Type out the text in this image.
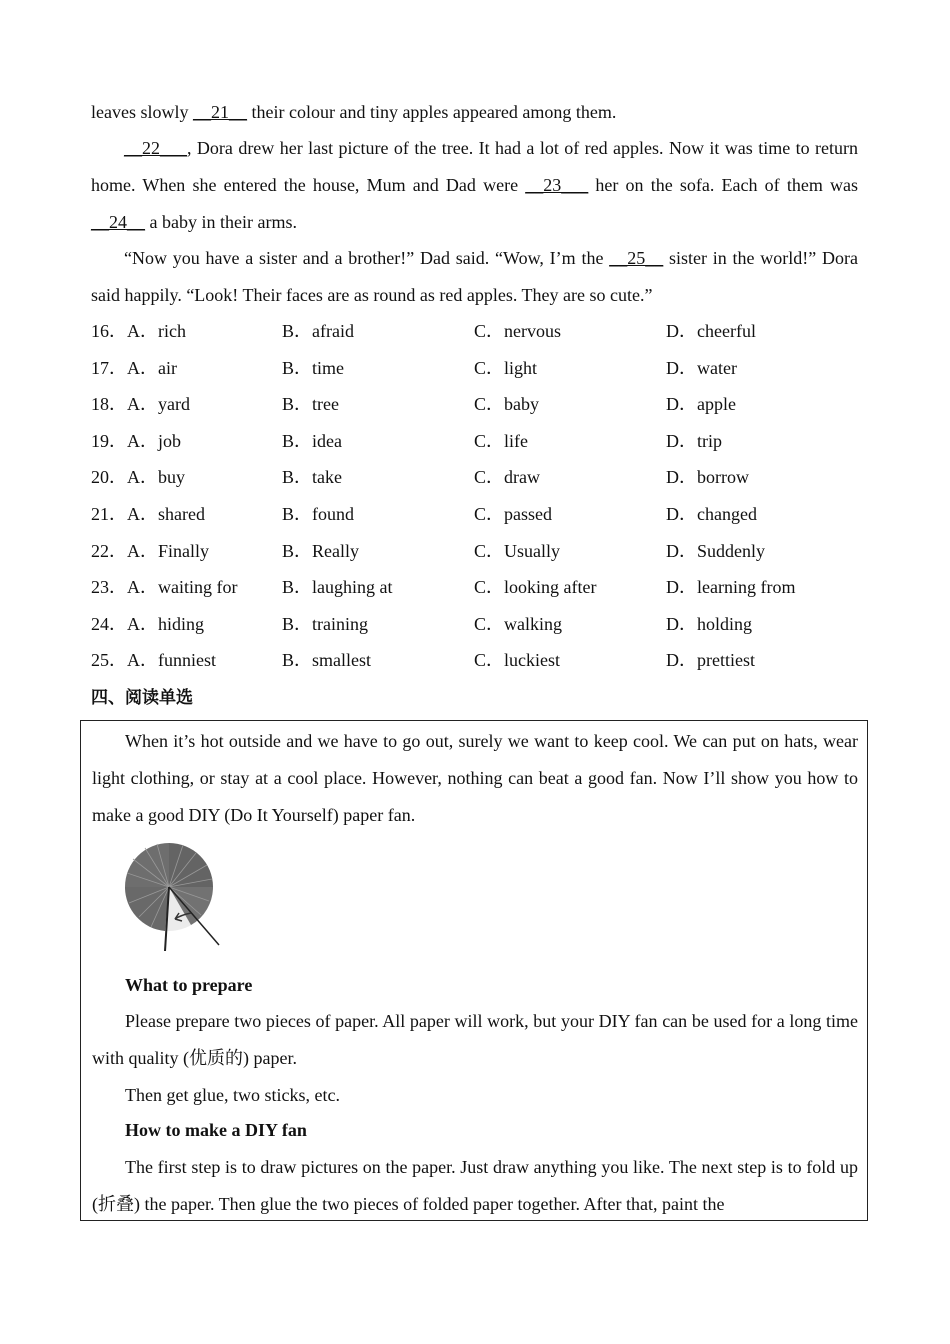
leaves slowly __21__ their colour and tiny apples appeared among them.
__22___, Dora drew her last picture of the tree. It had a lot of red apples. Now it was time to return home. When she entered the house, Mum and Dad were __23___ her on the sofa. Each of them was __24__ a baby in their arms.
“Now you have a sister and a brother!” Dad said. “Wow, I’m the __25__ sister in the world!” Dora said happily. “Look! Their faces are as round as red apples. They are so cute.”
16．A．rich	B．afraid	C．nervous	D．cheerful
17．A．air	B．time	C．light	D．water
18．A．yard	B．tree	C．baby	D．apple
19．A．job	B．idea	C．life	D．trip
20．A．buy	B．take	C．draw	D．borrow
21．A．shared	B．found	C．passed	D．changed
22．A．Finally	B．Really	C．Usually	D．Suddenly
23．A．waiting for B．laughing at	C．looking after	D．learning from
24．A．hiding	B．training	C．walking	D．holding
25．A．funniest	B．smallest	C．luckiest	D．prettiest
四、阅读单选
When it’s hot outside and we have to go out, surely we want to keep cool. We can put on hats, wear light clothing, or stay at a cool place. However, nothing can beat a good fan. Now I’ll show you how to make a good DIY (Do It Yourself) paper fan.
What to prepare
Please prepare two pieces of paper. All paper will work, but your DIY fan can be used for a long time with quality (优质的) paper.
Then get glue, two sticks, etc.
How to make a DIY fan
The first step is to draw pictures on the paper. Just draw anything you like. The next step is to fold up (折叠) the paper. Then glue the two pieces of folded paper together. After that, paint the
